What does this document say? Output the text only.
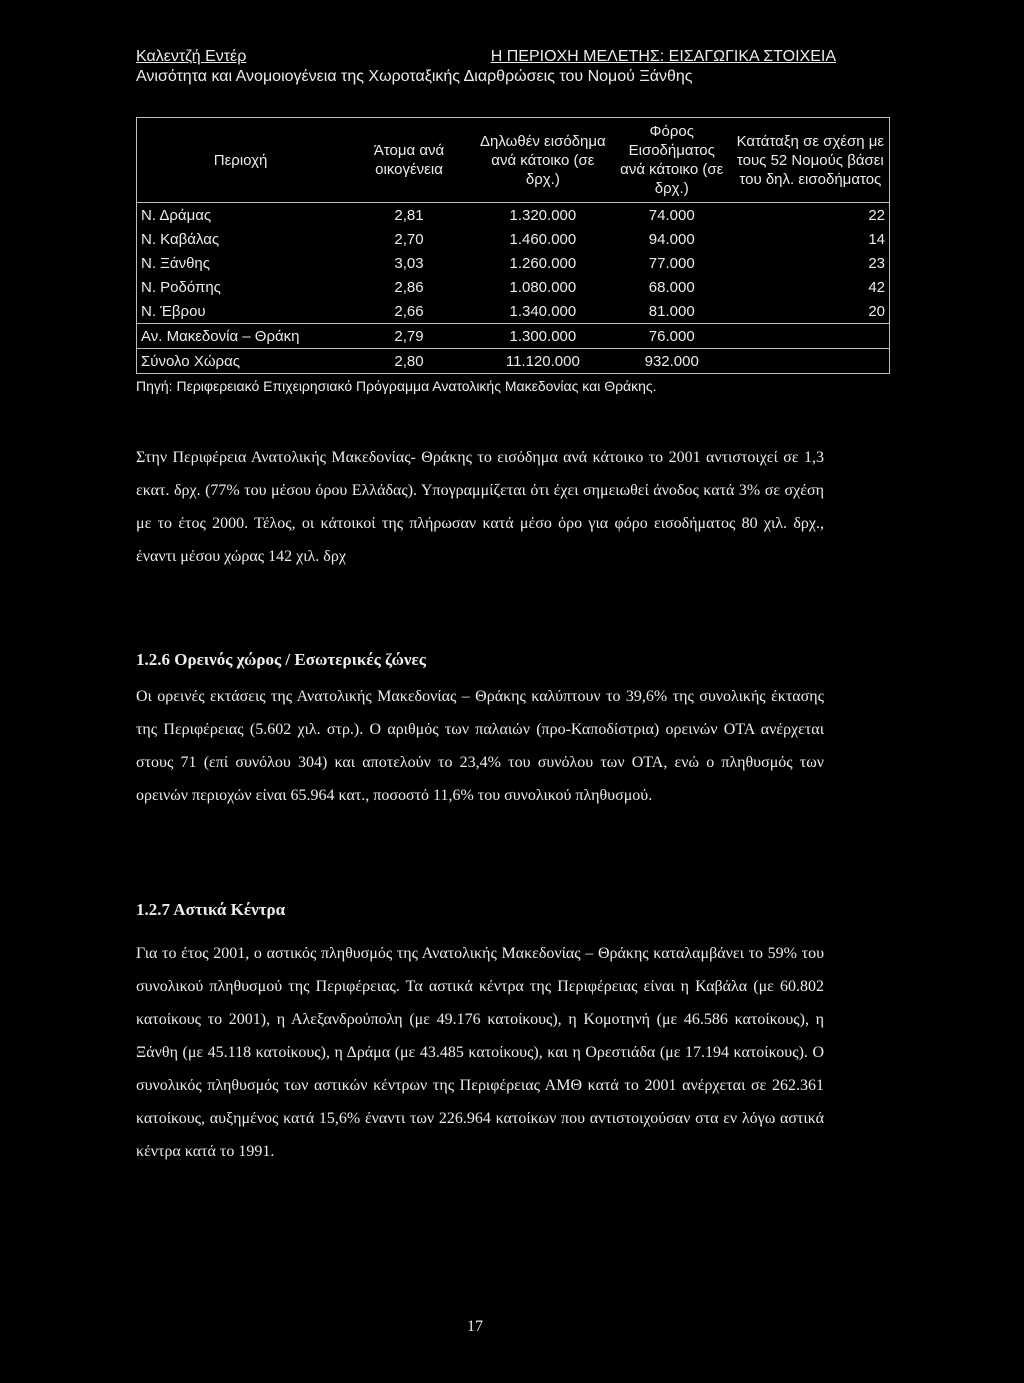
Καλεντζή Εντέρ	Η ΠΕΡΙΟΧΗ ΜΕΛΕΤΗΣ: ΕΙΣΑΓΩΓΙΚΑ ΣΤΟΙΧΕΙΑ
Ανισότητα και Ανομοιογένεια της Χωροταξικής Διαρθρώσεις του Νομού Ξάνθης
Περιοχή	Άτομα ανά οικογένεια	Δηλωθέν εισόδημα ανά κάτοικο (σε δρχ.)	Φόρος Εισοδήματος ανά κάτοικο (σε δρχ.)	Κατάταξη σε σχέση με τους 52 Νομούς βάσει του δηλ. εισοδήματος
Ν. Δράμας	2,81	1.320.000	74.000	22
Ν. Καβάλας	2,70	1.460.000	94.000	14
Ν. Ξάνθης	3,03	1.260.000	77.000	23
Ν. Ροδόπης	2,86	1.080.000	68.000	42
Ν. Έβρου	2,66	1.340.000	81.000	20
Αν. Μακεδονία – Θράκη	2,79	1.300.000	76.000	
Σύνολο Χώρας	2,80	11.120.000	932.000	
Πηγή: Περιφερειακό Επιχειρησιακό Πρόγραμμα Ανατολικής Μακεδονίας και Θράκης.

Στην Περιφέρεια Ανατολικής Μακεδονίας- Θράκης το εισόδημα ανά κάτοικο το 2001 αντιστοιχεί σε 1,3 εκατ. δρχ. (77% του μέσου όρου Ελλάδας). Υπογραμμίζεται ότι έχει σημειωθεί άνοδος κατά 3% σε σχέση με το έτος 2000. Τέλος, οι κάτοικοί της πλήρωσαν κατά μέσο όρο για φόρο εισοδήματος 80 χιλ. δρχ., έναντι μέσου χώρας 142 χιλ. δρχ

1.2.6 Ορεινός χώρος / Εσωτερικές ζώνες

Οι ορεινές εκτάσεις της Ανατολικής Μακεδονίας – Θράκης καλύπτουν το 39,6% της συνολικής έκτασης της Περιφέρειας (5.602 χιλ. στρ.). Ο αριθμός των παλαιών (προ-Καποδίστρια) ορεινών ΟΤΑ ανέρχεται στους 71 (επί συνόλου 304) και αποτελούν το 23,4% του συνόλου των ΟΤΑ, ενώ ο πληθυσμός των ορεινών περιοχών είναι 65.964 κατ., ποσοστό 11,6% του συνολικού πληθυσμού.

1.2.7 Αστικά Κέντρα

Για το έτος 2001, ο αστικός πληθυσμός της Ανατολικής Μακεδονίας – Θράκης καταλαμβάνει το 59% του συνολικού πληθυσμού της Περιφέρειας. Τα αστικά κέντρα της Περιφέρειας είναι η Καβάλα (με 60.802 κατοίκους το 2001), η Αλεξανδρούπολη (με 49.176 κατοίκους), η Κομοτηνή (με 46.586 κατοίκους), η Ξάνθη (με 45.118 κατοίκους), η Δράμα (με 43.485 κατοίκους), και η Ορεστιάδα (με 17.194 κατοίκους). Ο συνολικός πληθυσμός των αστικών κέντρων της Περιφέρειας ΑΜΘ κατά το 2001 ανέρχεται σε 262.361 κατοίκους, αυξημένος κατά 15,6% έναντι των 226.964 κατοίκων που αντιστοιχούσαν στα εν λόγω αστικά κέντρα κατά το 1991.

17
